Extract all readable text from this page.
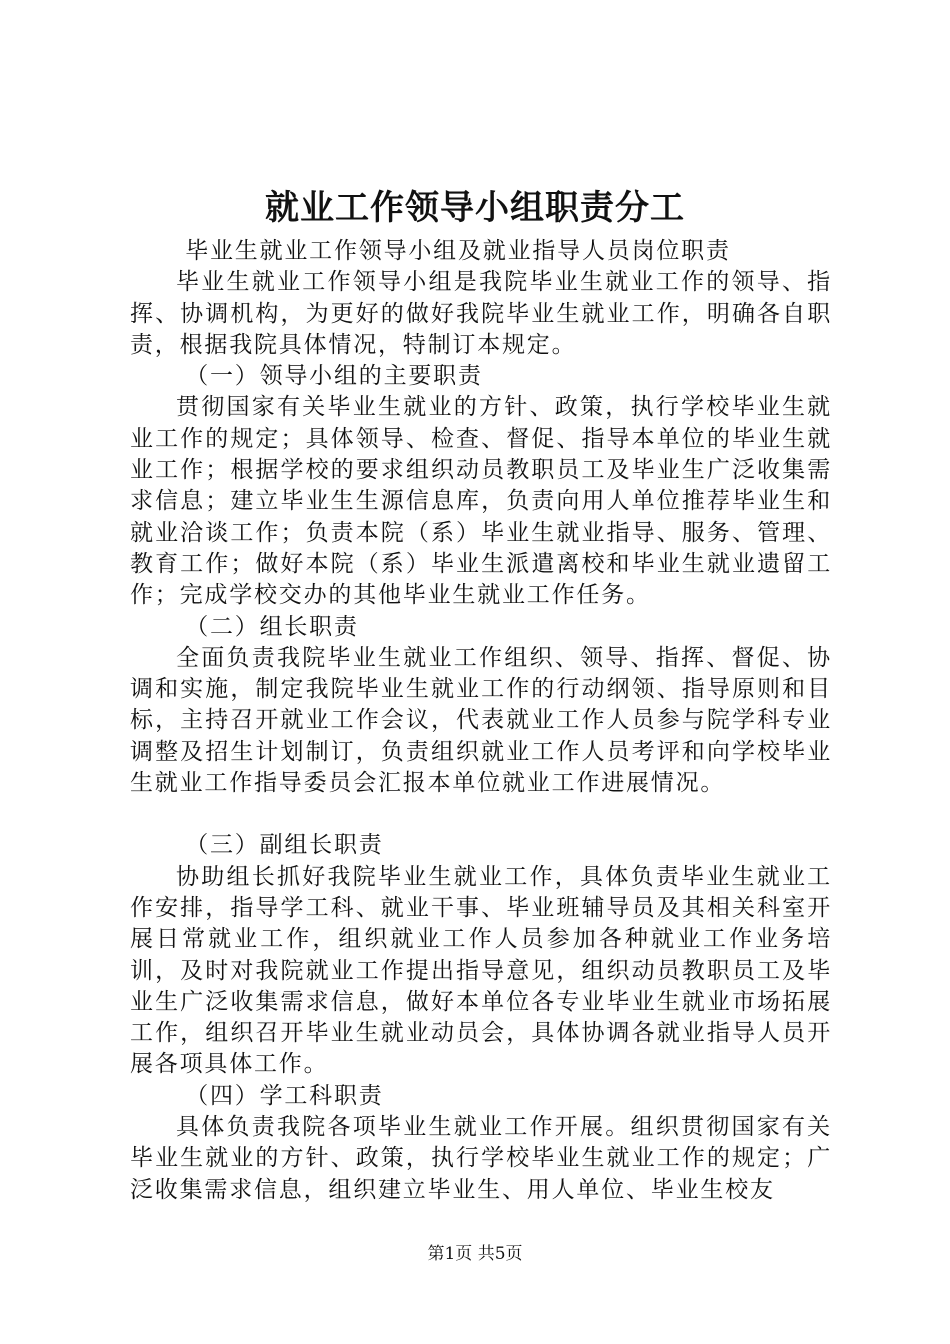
就业工作领导小组职责分工

毕业生就业工作领导小组及就业指导人员岗位职责

毕业生就业工作领导小组是我院毕业生就业工作的领导、指挥、协调机构，为更好的做好我院毕业生就业工作，明确各自职责，根据我院具体情况，特制订本规定。

（一）领导小组的主要职责

贯彻国家有关毕业生就业的方针、政策，执行学校毕业生就业工作的规定；具体领导、检查、督促、指导本单位的毕业生就业工作；根据学校的要求组织动员教职员工及毕业生广泛收集需求信息；建立毕业生生源信息库，负责向用人单位推荐毕业生和就业洽谈工作；负责本院（系）毕业生就业指导、服务、管理、教育工作；做好本院（系）毕业生派遣离校和毕业生就业遗留工作；完成学校交办的其他毕业生就业工作任务。

（二）组长职责

全面负责我院毕业生就业工作组织、领导、指挥、督促、协调和实施，制定我院毕业生就业工作的行动纲领、指导原则和目标，主持召开就业工作会议，代表就业工作人员参与院学科专业调整及招生计划制订，负责组织就业工作人员考评和向学校毕业生就业工作指导委员会汇报本单位就业工作进展情况。

（三）副组长职责

协助组长抓好我院毕业生就业工作，具体负责毕业生就业工作安排，指导学工科、就业干事、毕业班辅导员及其相关科室开展日常就业工作，组织就业工作人员参加各种就业工作业务培训，及时对我院就业工作提出指导意见，组织动员教职员工及毕业生广泛收集需求信息，做好本单位各专业毕业生就业市场拓展工作，组织召开毕业生就业动员会，具体协调各就业指导人员开展各项具体工作。

（四）学工科职责

具体负责我院各项毕业生就业工作开展。组织贯彻国家有关毕业生就业的方针、政策，执行学校毕业生就业工作的规定；广泛收集需求信息，组织建立毕业生、用人单位、毕业生校友

第1页 共5页
